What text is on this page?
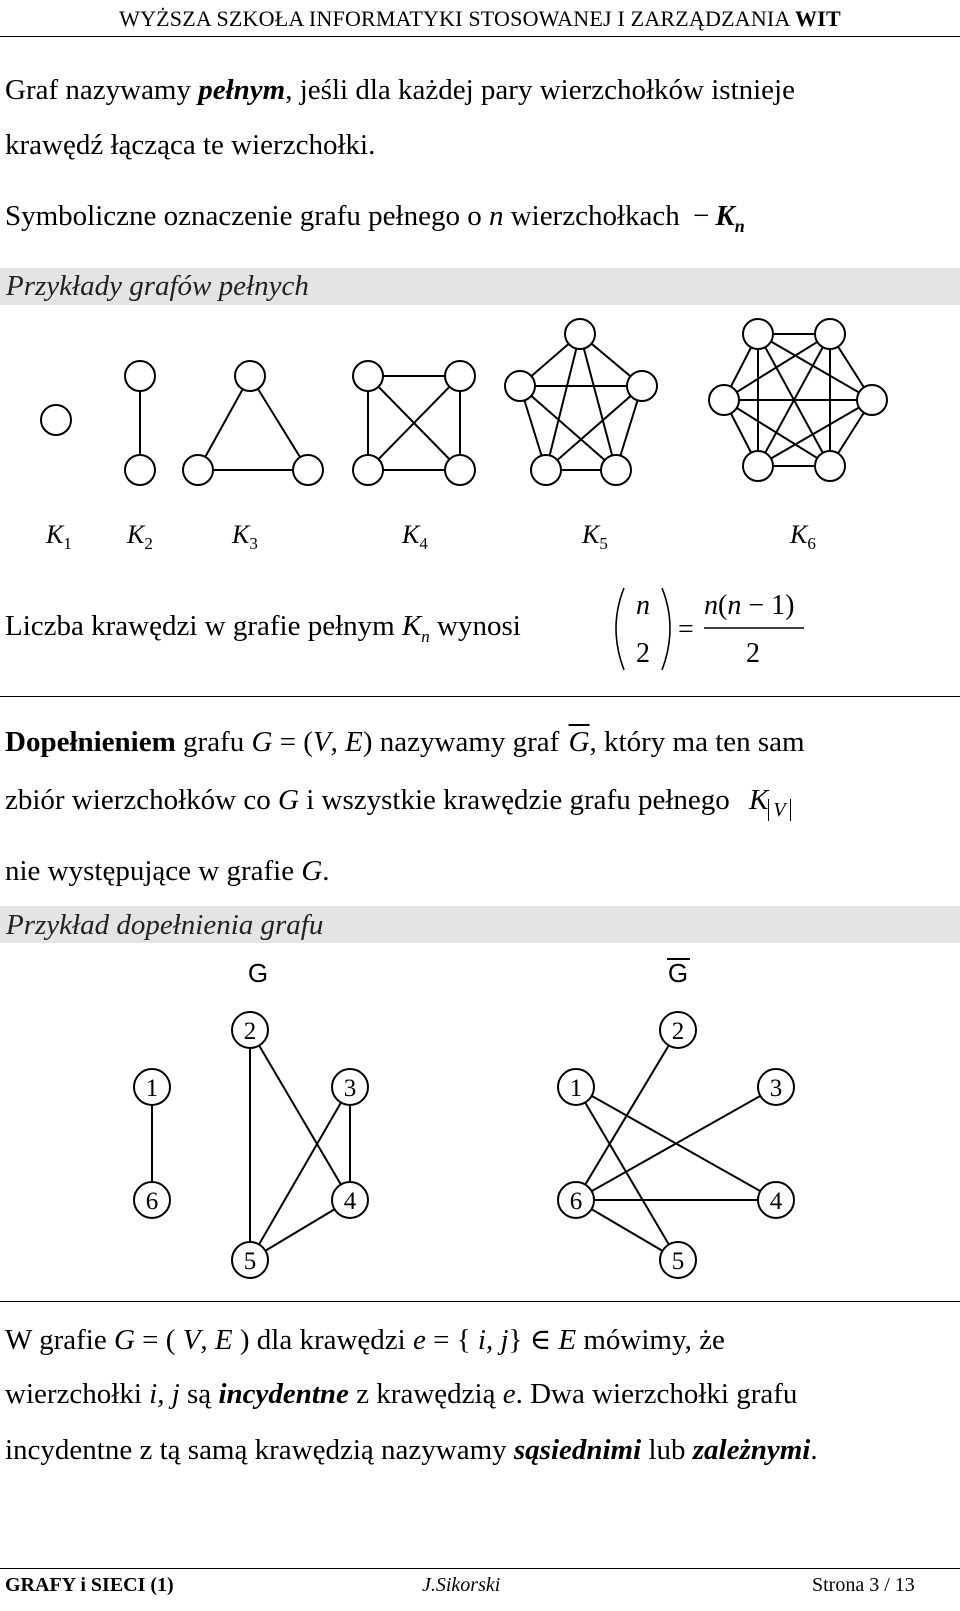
WYŻSZA SZKOŁA INFORMATYKI STOSOWANEJ I ZARZĄDZANIA WIT
Graf nazywamy pełnym, jeśli dla każdej pary wierzchołków istnieje
krawędź łącząca te wierzchołki.
Symboliczne oznaczenie grafu pełnego o n wierzchołkach − $K_n$
Przykłady grafów pełnych
$K_1$ $K_2$	$K_3$	$K_4$	$K_5$	$K_6$
Liczba krawędzi w grafie pełnym $K_n$ wynosi
n
2
=
n(n − 1)
2
Dopełnieniem grafu G = (V, E) nazywamy graf $\overline{G}$, który ma ten sam
zbiór wierzchołków co G i wszystkie krawędzie grafu pełnego K $_V$
nie występujące w grafie G.
Przykład dopełnienia grafu
G	G
1
2
3
4
5
6
1
2
3
4
5
6
W grafie G = ( V, E ) dla krawędzi e = { i, j} ∈ E mówimy, że
wierzchołki i, j są incydentne z krawędzią e. Dwa wierzchołki grafu
incydentne z tą samą krawędzią nazywamy sąsiednimi lub zależnymi.
GRAFY i SIECI (1)	J.Sikorski	Strona 3 / 13
